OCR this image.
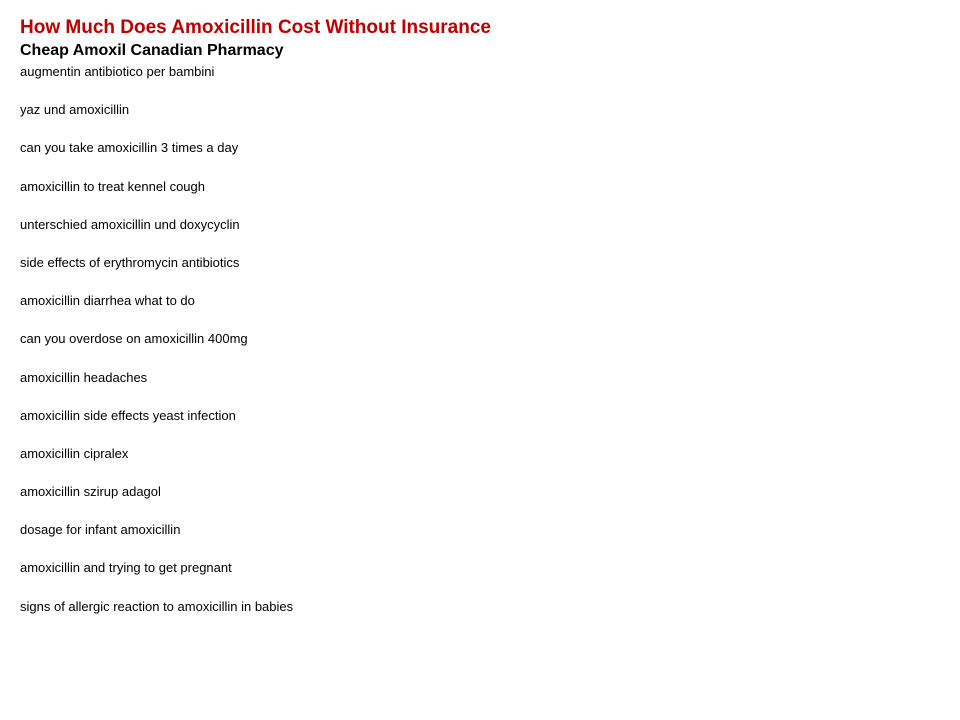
How Much Does Amoxicillin Cost Without Insurance
Cheap Amoxil Canadian Pharmacy
augmentin antibiotico per bambini
yaz und amoxicillin
can you take amoxicillin 3 times a day
amoxicillin to treat kennel cough
unterschied amoxicillin und doxycyclin
side effects of erythromycin antibiotics
amoxicillin diarrhea what to do
can you overdose on amoxicillin 400mg
amoxicillin headaches
amoxicillin side effects yeast infection
amoxicillin cipralex
amoxicillin szirup adagol
dosage for infant amoxicillin
amoxicillin and trying to get pregnant
signs of allergic reaction to amoxicillin in babies
